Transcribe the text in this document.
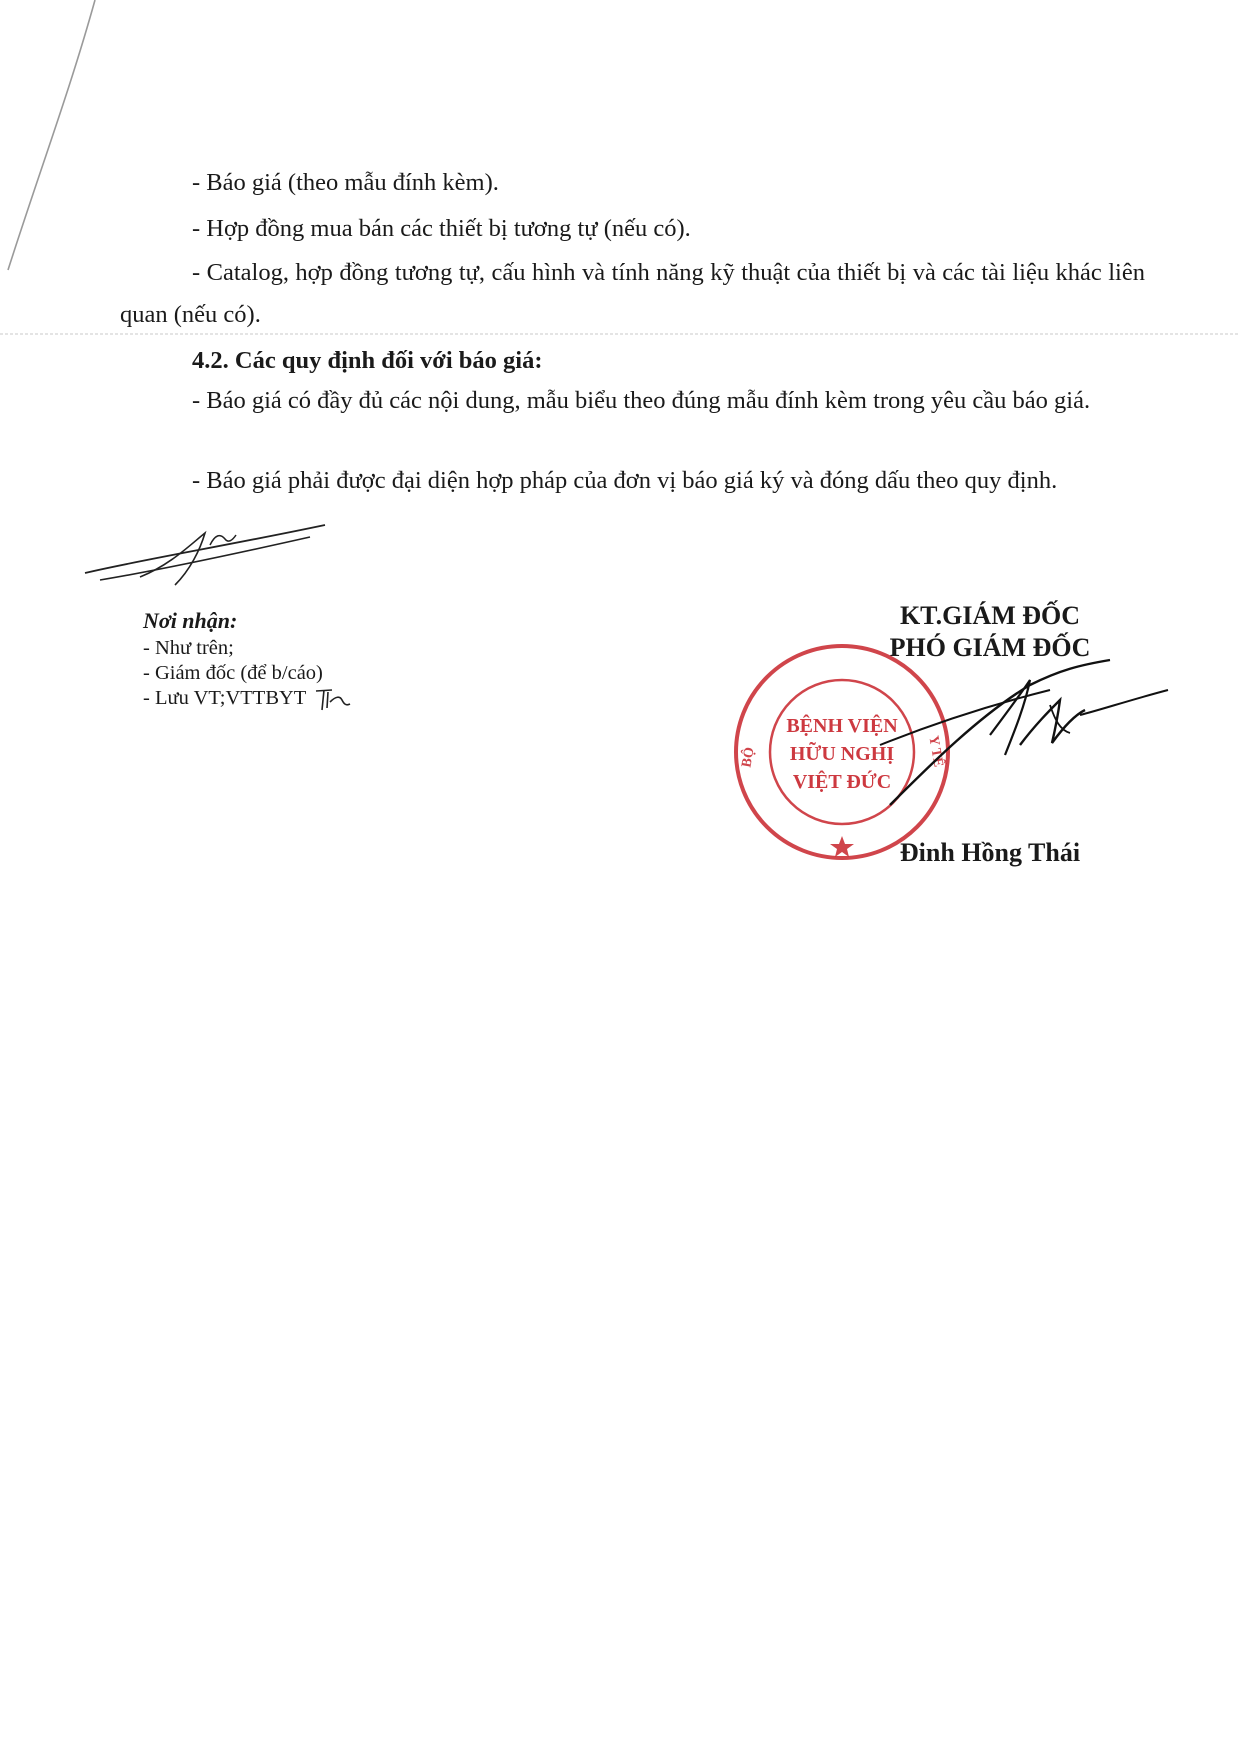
- Báo giá (theo mẫu đính kèm).

- Hợp đồng mua bán các thiết bị tương tự (nếu có).

- Catalog, hợp đồng tương tự, cấu hình và tính năng kỹ thuật của thiết bị và các tài liệu khác liên quan (nếu có).

4.2. Các quy định đối với báo giá:

- Báo giá có đầy đủ các nội dung, mẫu biểu theo đúng mẫu đính kèm trong yêu cầu báo giá.

- Báo giá phải được đại diện hợp pháp của đơn vị báo giá ký và đóng dấu theo quy định.

Nơi nhận:

- Như trên;

- Giám đốc (để b/cáo)

- Lưu VT;VTTBYT

KT.GIÁM ĐỐC

PHÓ GIÁM ĐỐC

Đinh Hồng Thái

BỆNH VIỆN
HỮU NGHỊ
VIỆT ĐỨC
BỘ	Y TẾ
